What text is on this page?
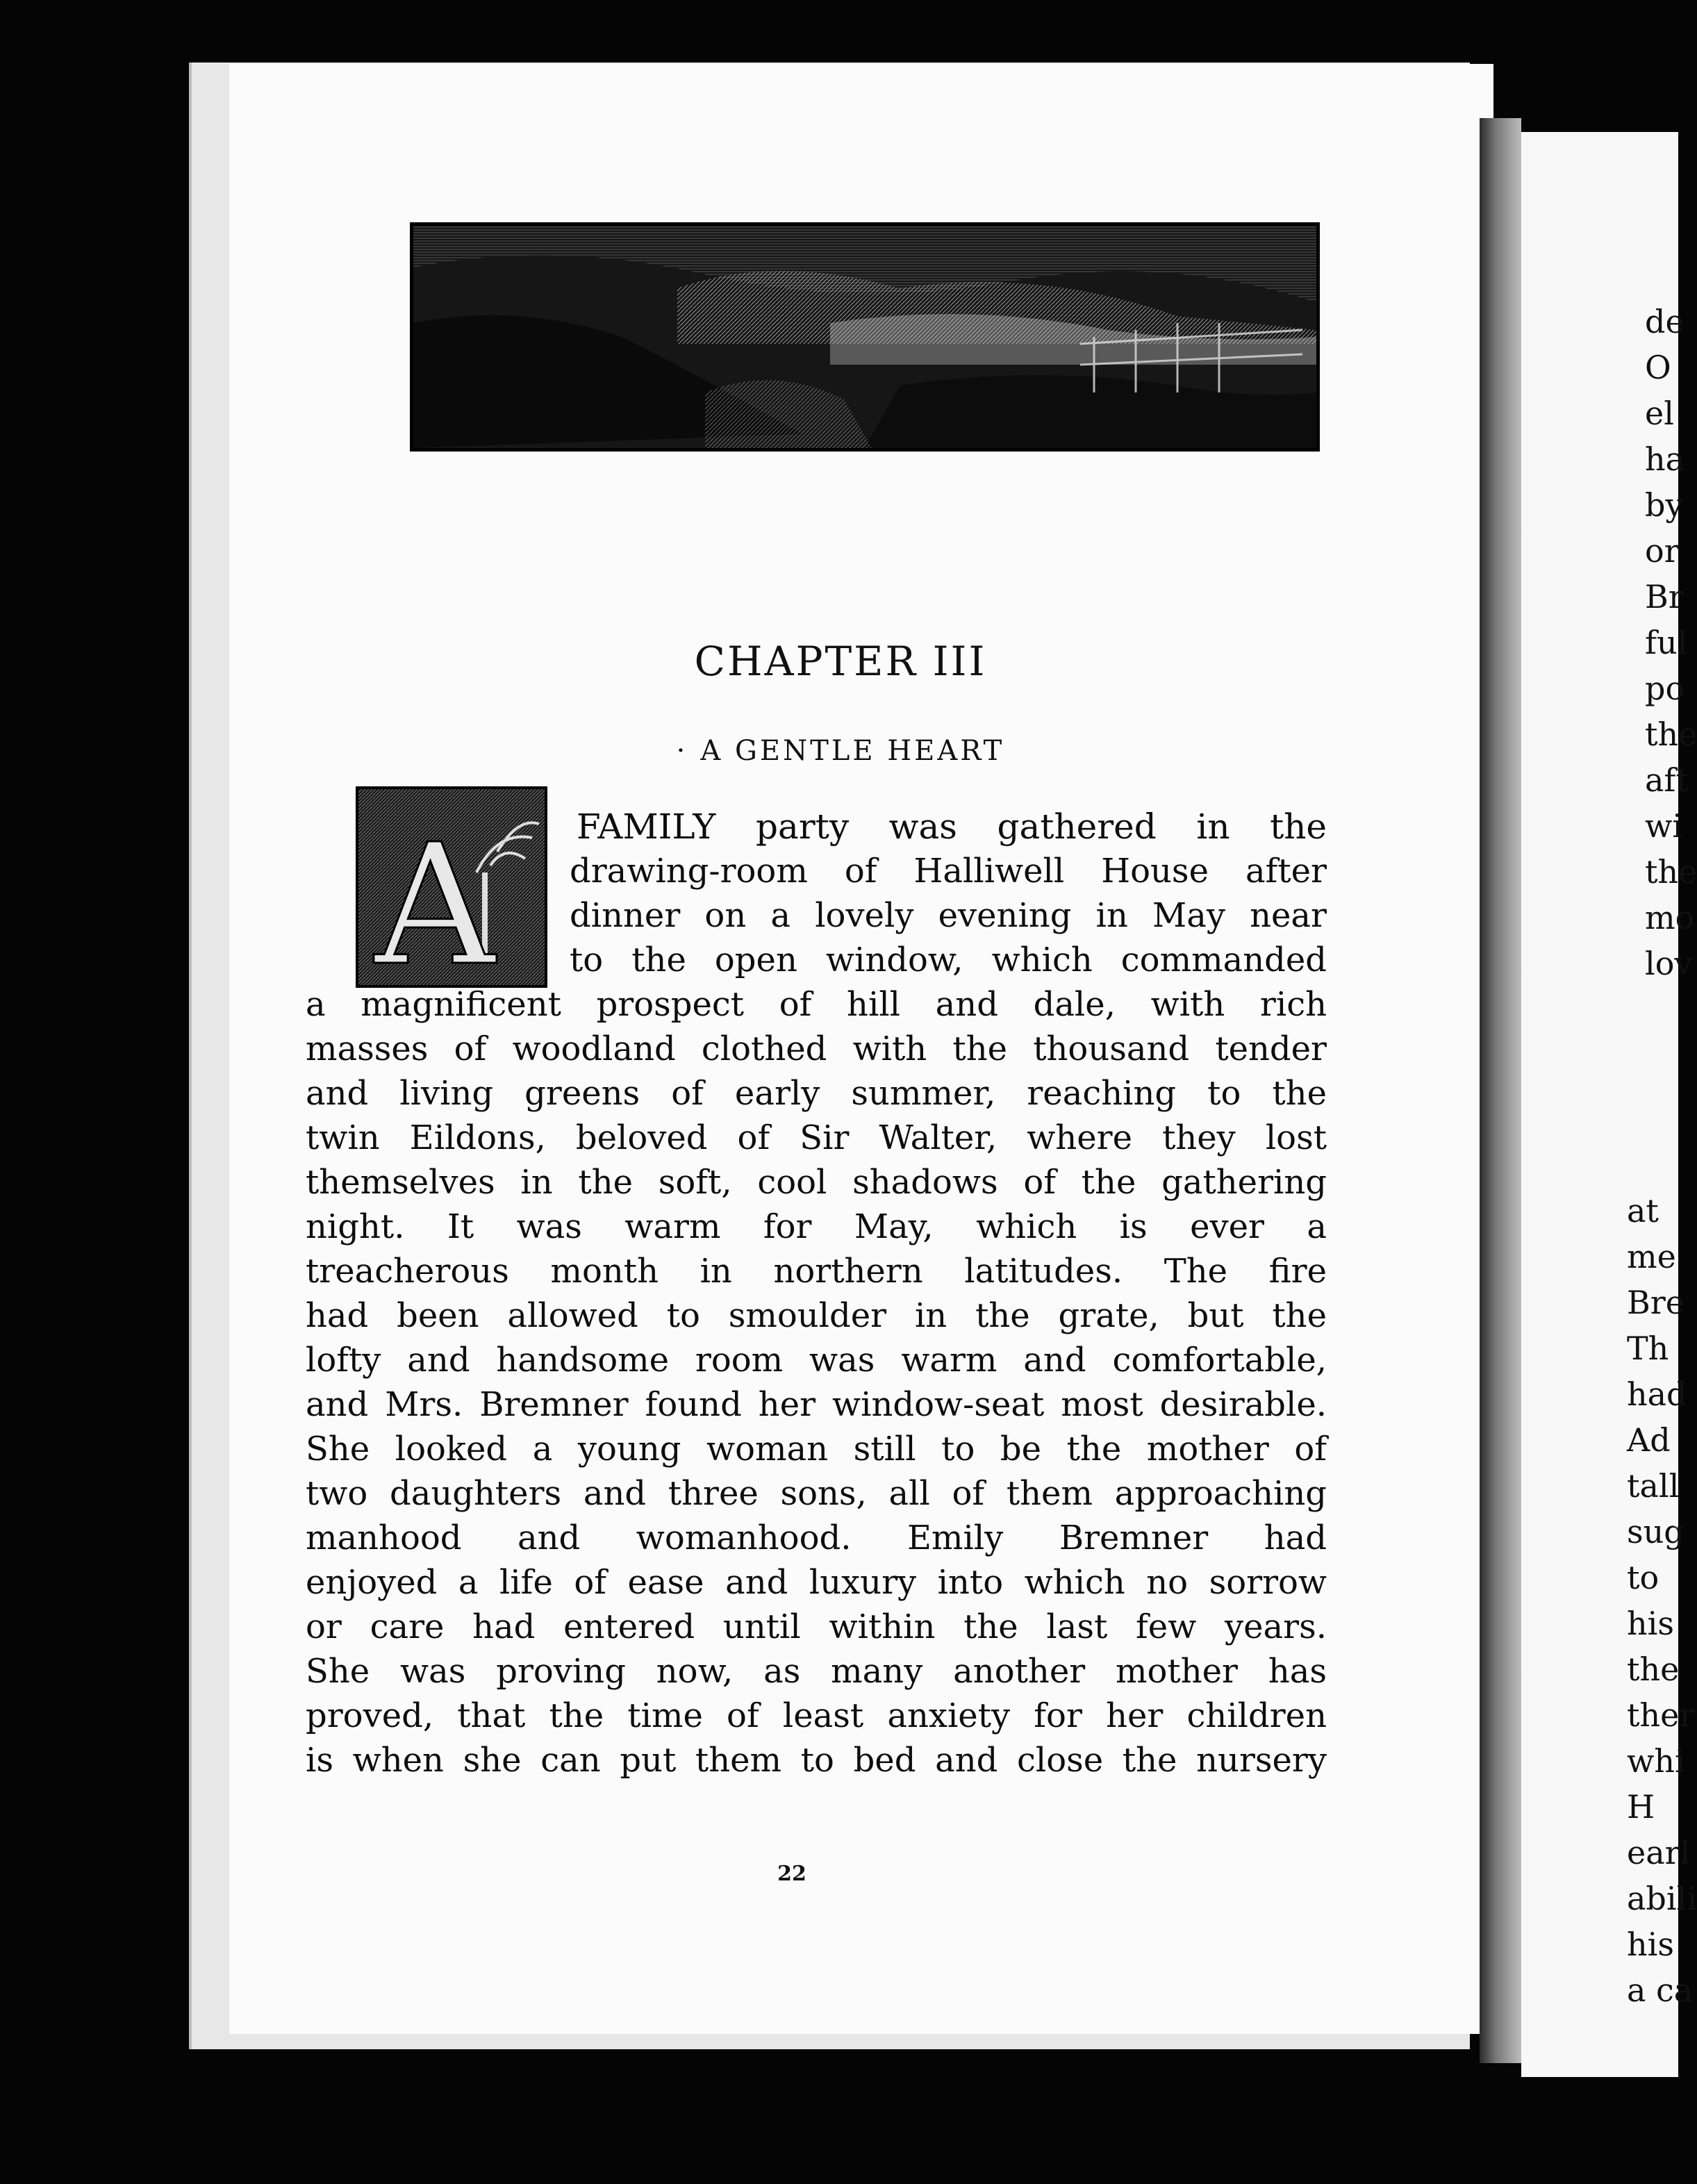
de
O
el
ha
by
or
Br
ful
po
the
aft
wi
the
mo
lov
at
me
Bre
Th
had
Ad
tall
sug
to
his
the
ther
whi
H
earl
abili
his
a ca
CHAPTER III
· A GENTLE HEART
A	FAMILY party was gathered in the
drawing-room of Halliwell House after
dinner on a lovely evening in May near
to the open window, which commanded
a magnificent prospect of hill and dale, with rich
masses of woodland clothed with the thousand tender
and living greens of early summer, reaching to the
twin Eildons, beloved of Sir Walter, where they lost
themselves in the soft, cool shadows of the gathering
night. It was warm for May, which is ever a
treacherous month in northern latitudes. The fire
had been allowed to smoulder in the grate, but the
lofty and handsome room was warm and comfortable,
and Mrs. Bremner found her window-seat most desirable.
She looked a young woman still to be the mother of
two daughters and three sons, all of them approaching
manhood and womanhood. Emily Bremner had
enjoyed a life of ease and luxury into which no sorrow
or care had entered until within the last few years.
She was proving now, as many another mother has
proved, that the time of least anxiety for her children
is when she can put them to bed and close the nursery
22
